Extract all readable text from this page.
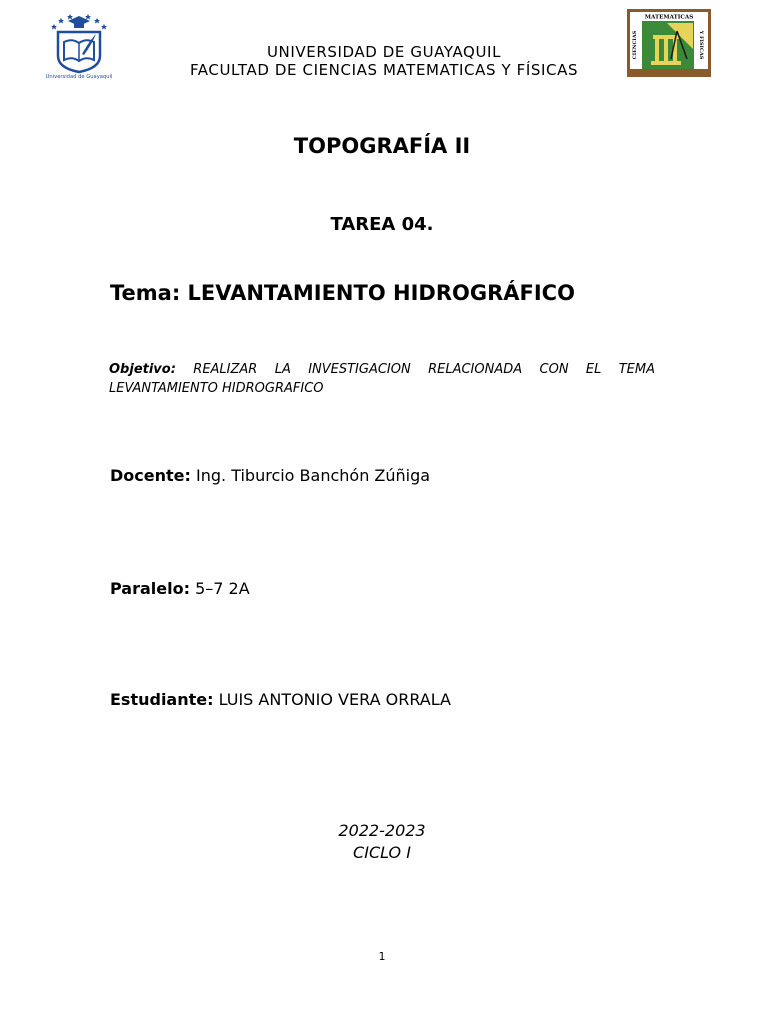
Universidad de Guayaquil
MATEMATICAS
CIENCIAS	Y FISICAS
UNIVERSIDAD DE GUAYAQUIL
FACULTAD DE CIENCIAS MATEMATICAS Y FÍSICAS
TOPOGRAFÍA II
TAREA 04.
Tema: LEVANTAMIENTO HIDROGRÁFICO
Objetivo: REALIZAR LA INVESTIGACION RELACIONADA CON EL TEMA LEVANTAMIENTO HIDROGRAFICO
Docente: Ing. Tiburcio Banchón Zúñiga
Paralelo: 5–7 2A
Estudiante: LUIS ANTONIO VERA ORRALA
2022-2023
CICLO I
1
